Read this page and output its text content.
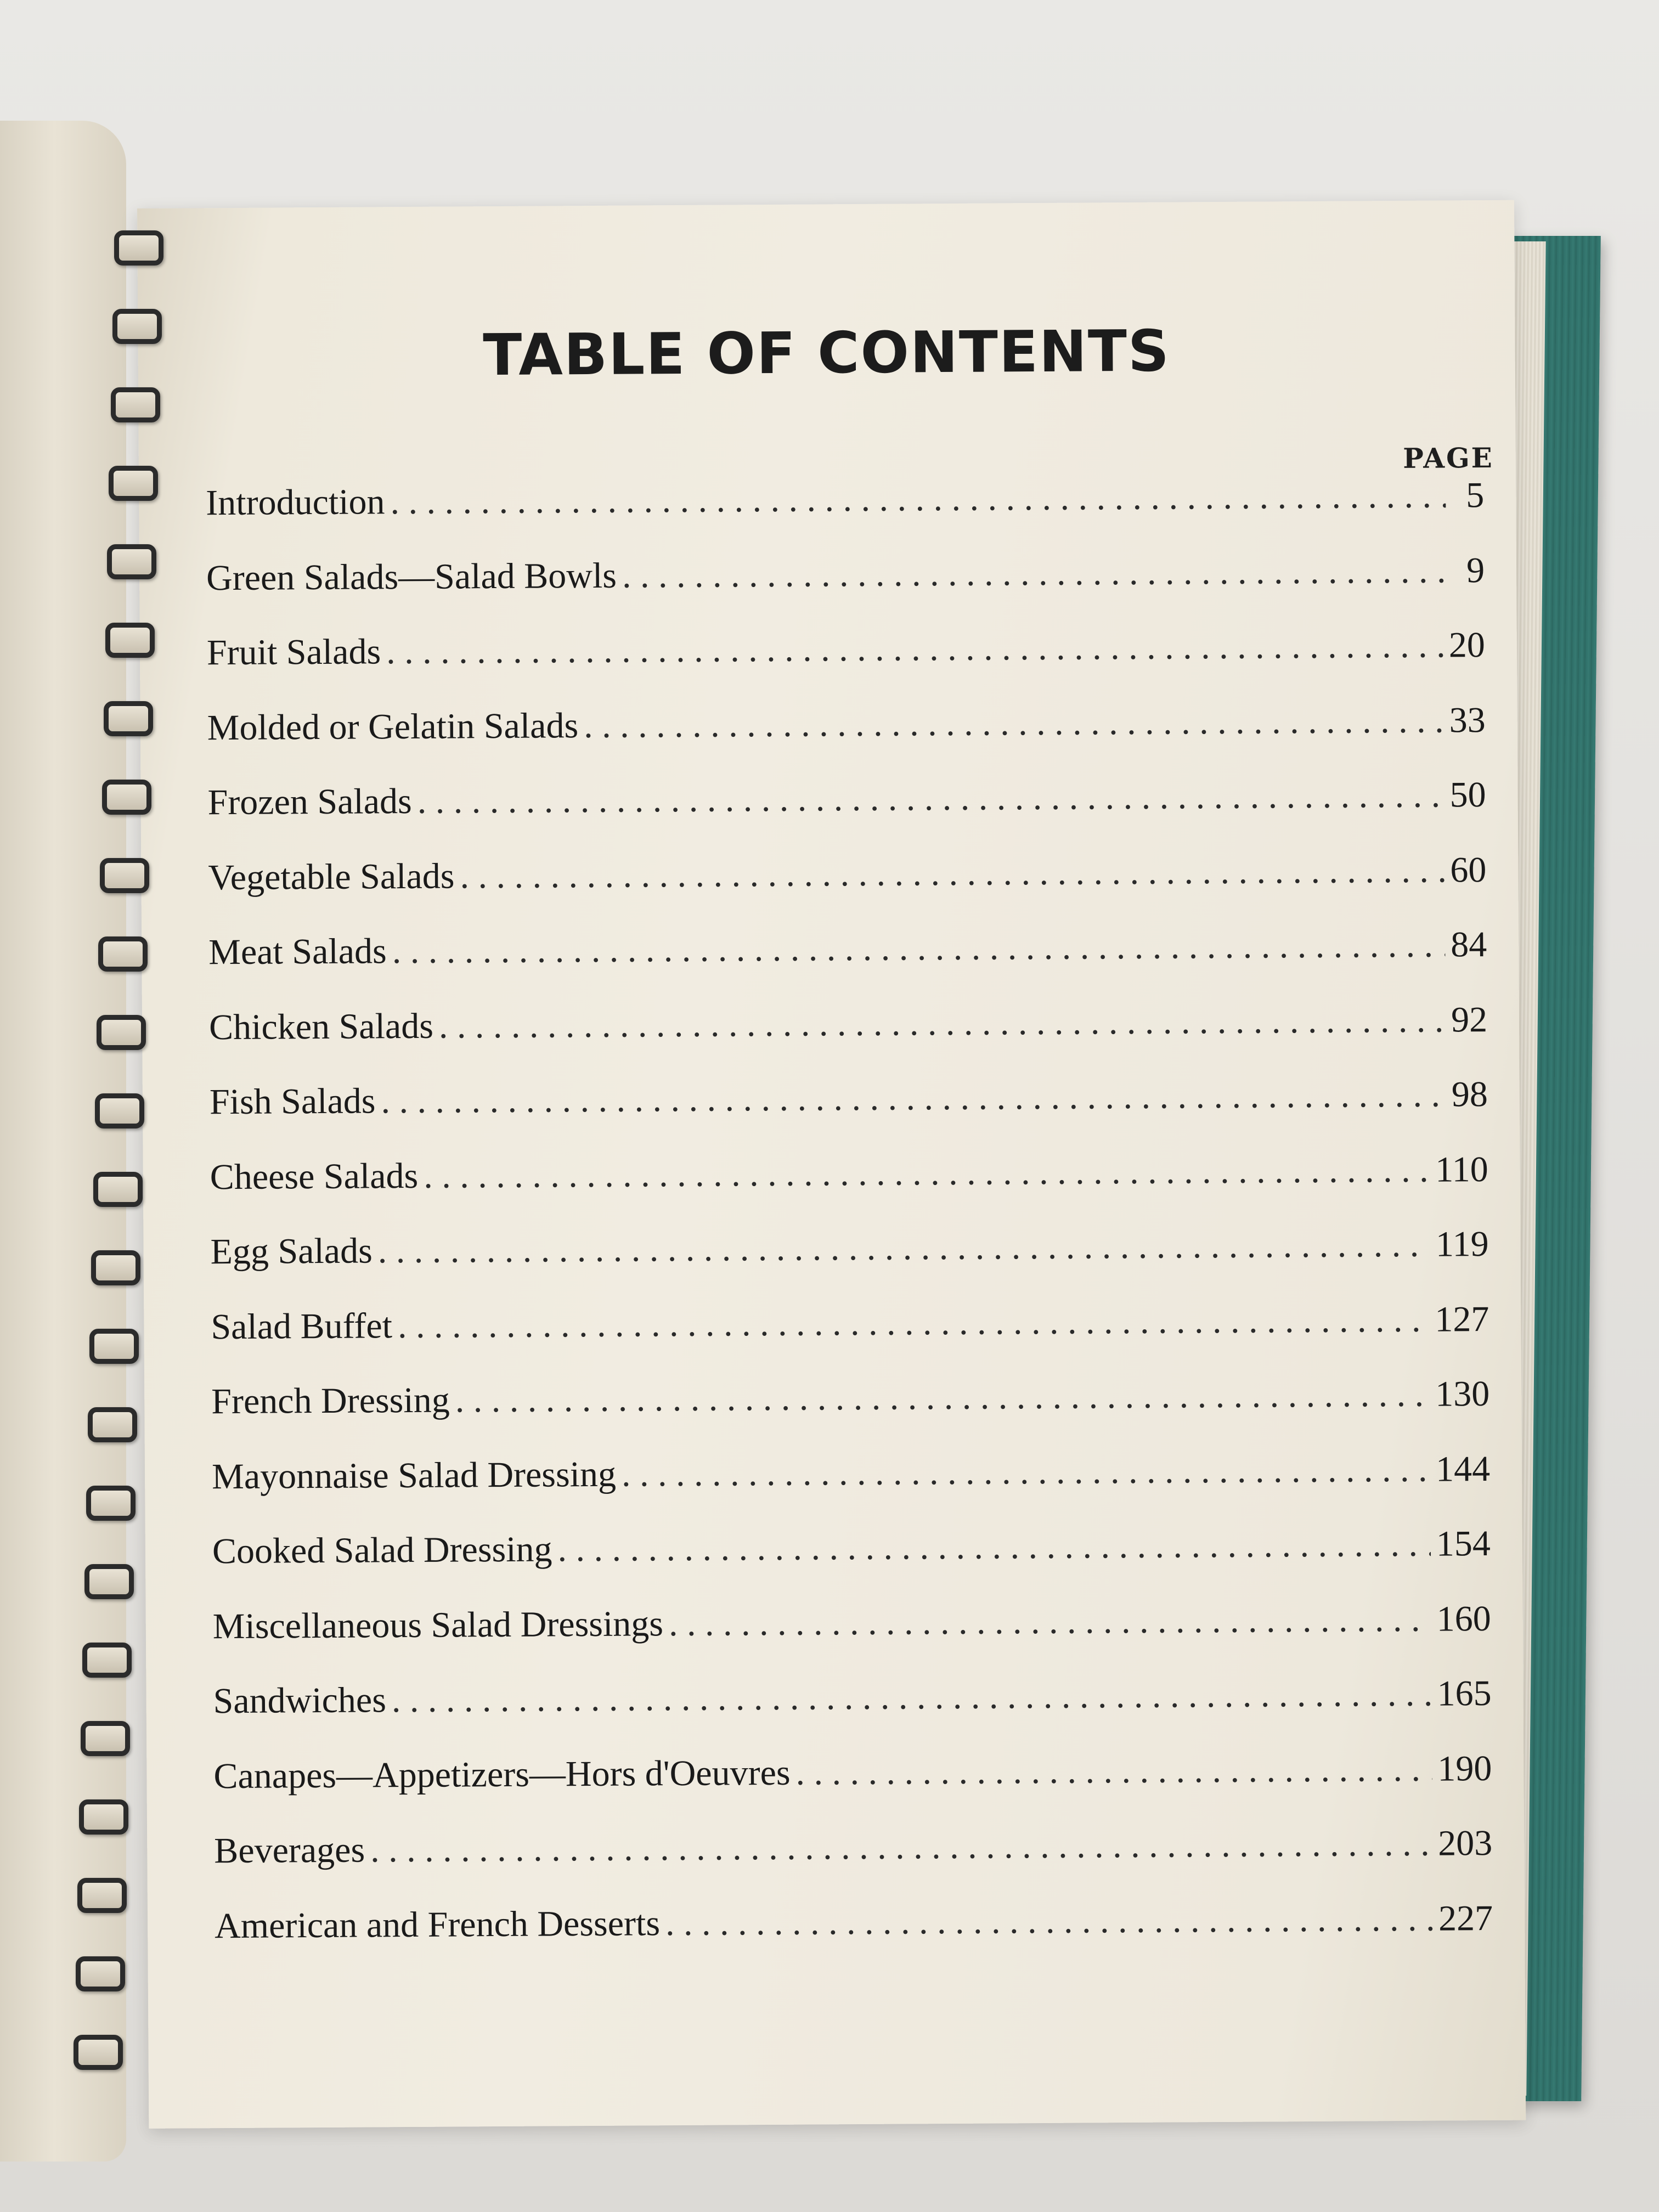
TABLE OF CONTENTS
PAGE
Introduction . . .	5
Green Salads—Salad Bowls . . .	9
Fruit Salads . . .	20
Molded or Gelatin Salads . . .	33
Frozen Salads . . .	50
Vegetable Salads . . .	60
Meat Salads . . .	84
Chicken Salads . . .	92
Fish Salads . . .	98
Cheese Salads . . .	110
Egg Salads . . .	119
Salad Buffet . . .	127
French Dressing . . .	130
Mayonnaise Salad Dressing . . .	144
Cooked Salad Dressing . . .	154
Miscellaneous Salad Dressings . . .	160
Sandwiches . . .	165
Canapes—Appetizers—Hors d'Oeuvres . . .	190
Beverages . . .	203
American and French Desserts . . .	227
